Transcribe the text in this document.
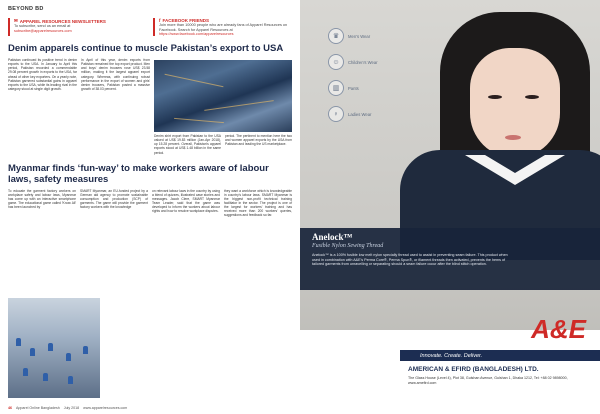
BEYOND BD
✉ APPAREL RESOURCES NEWSLETTERS
To subscribe, send us an email at
subscribe@apparelresources.com
f FACEBOOK FRIENDS
Join more than 10000 people who are already fans of Apparel Resources on Facebook. Search for Apparel Resources at
https://www.facebook.com/apparelresources
Denim apparels continue to muscle Pakistan’s export to USA
Pakistan continued its positive trend in denim exports to the USA. In January to April this period, Pakistan recorded a commendable 29.08 percent growth in exports to the USA, far ahead of other key exporters. On a yearly note, Pakistan garnered substantial gains in apparel exports to the USA, while its leading rival in the category stood at single digit growth.
In April of this year, denim exports from Pakistan remained the top export product. Men and boys' denim trousers rose US$ 23.58 million, making it the largest apparel export category. Whereas, with continuing robust performance in the export of women and girls' denim trousers, Pakistan posted a massive growth of 38.03 percent.
Denim shirt export from Pakistan to the USA valued at US$ 19.83 million (Jan-Apr 2018), up 15.28 percent. Overall, Pakistan's apparel exports stood at US$ 1.48 billion in the same period.
period. The pertinent to mention here the two and women apparel exports by the USA from Pakistan and leading the US marketplace.
Myanmar finds ‘fun-way’ to make workers aware of labour laws, safety measures
To educate the garment factory workers on workplace safety and labour laws, Myanmar has come up with an interactive smartphone game. The educational game called 'Know All' has been launched by
SMART Myanmar, an EU-funded project by a German aid agency to promote sustainable consumption and production (SCP) of garments. The game will provide the garment factory workers with the knowledge
on relevant labour laws in the country by using a blend of quizzes, illustrated case stories and messages. Jacob Clere, SMART Myanmar Team Leader, said that the game was developed to inform the workers about labour rights and how to resolve workplace disputes.
they want a workforce which is knowledgeable in country's labour laws. SMART Myanmar is the biggest non-profit technical training facilitator in the sector. The project is one of the largest for workers' training and has received more than 200 workers' queries, suggestions and feedback so far.
46 Apparel Online Bangladesh July 2018 www.apparelresources.com
♛	Men's Wear
☺	Children's Wear
▥	Pants
♀	Ladies Wear
Anelock™
Fusible Nylon Sewing Thread
Anelock™ is a 100% fusible low melt nylon specially thread used to assist in preventing seam failure. This product when used in combination with A&E's Perma Core®, Perma Spun®, or filament threads then activated, prevents the hems of tailored garments from unravelling or separating should a seam failure occur after the blind stitch operation.
A&E
Innovate. Create. Deliver.
AMERICAN & EFIRD (BANGLADESH) LTD.
The Glass House (Level 4), Plot 38, Gulshan Avenue, Gulshan 1, Dhaka 1212, Tel: +88 02 9898000, www.amefird.com
